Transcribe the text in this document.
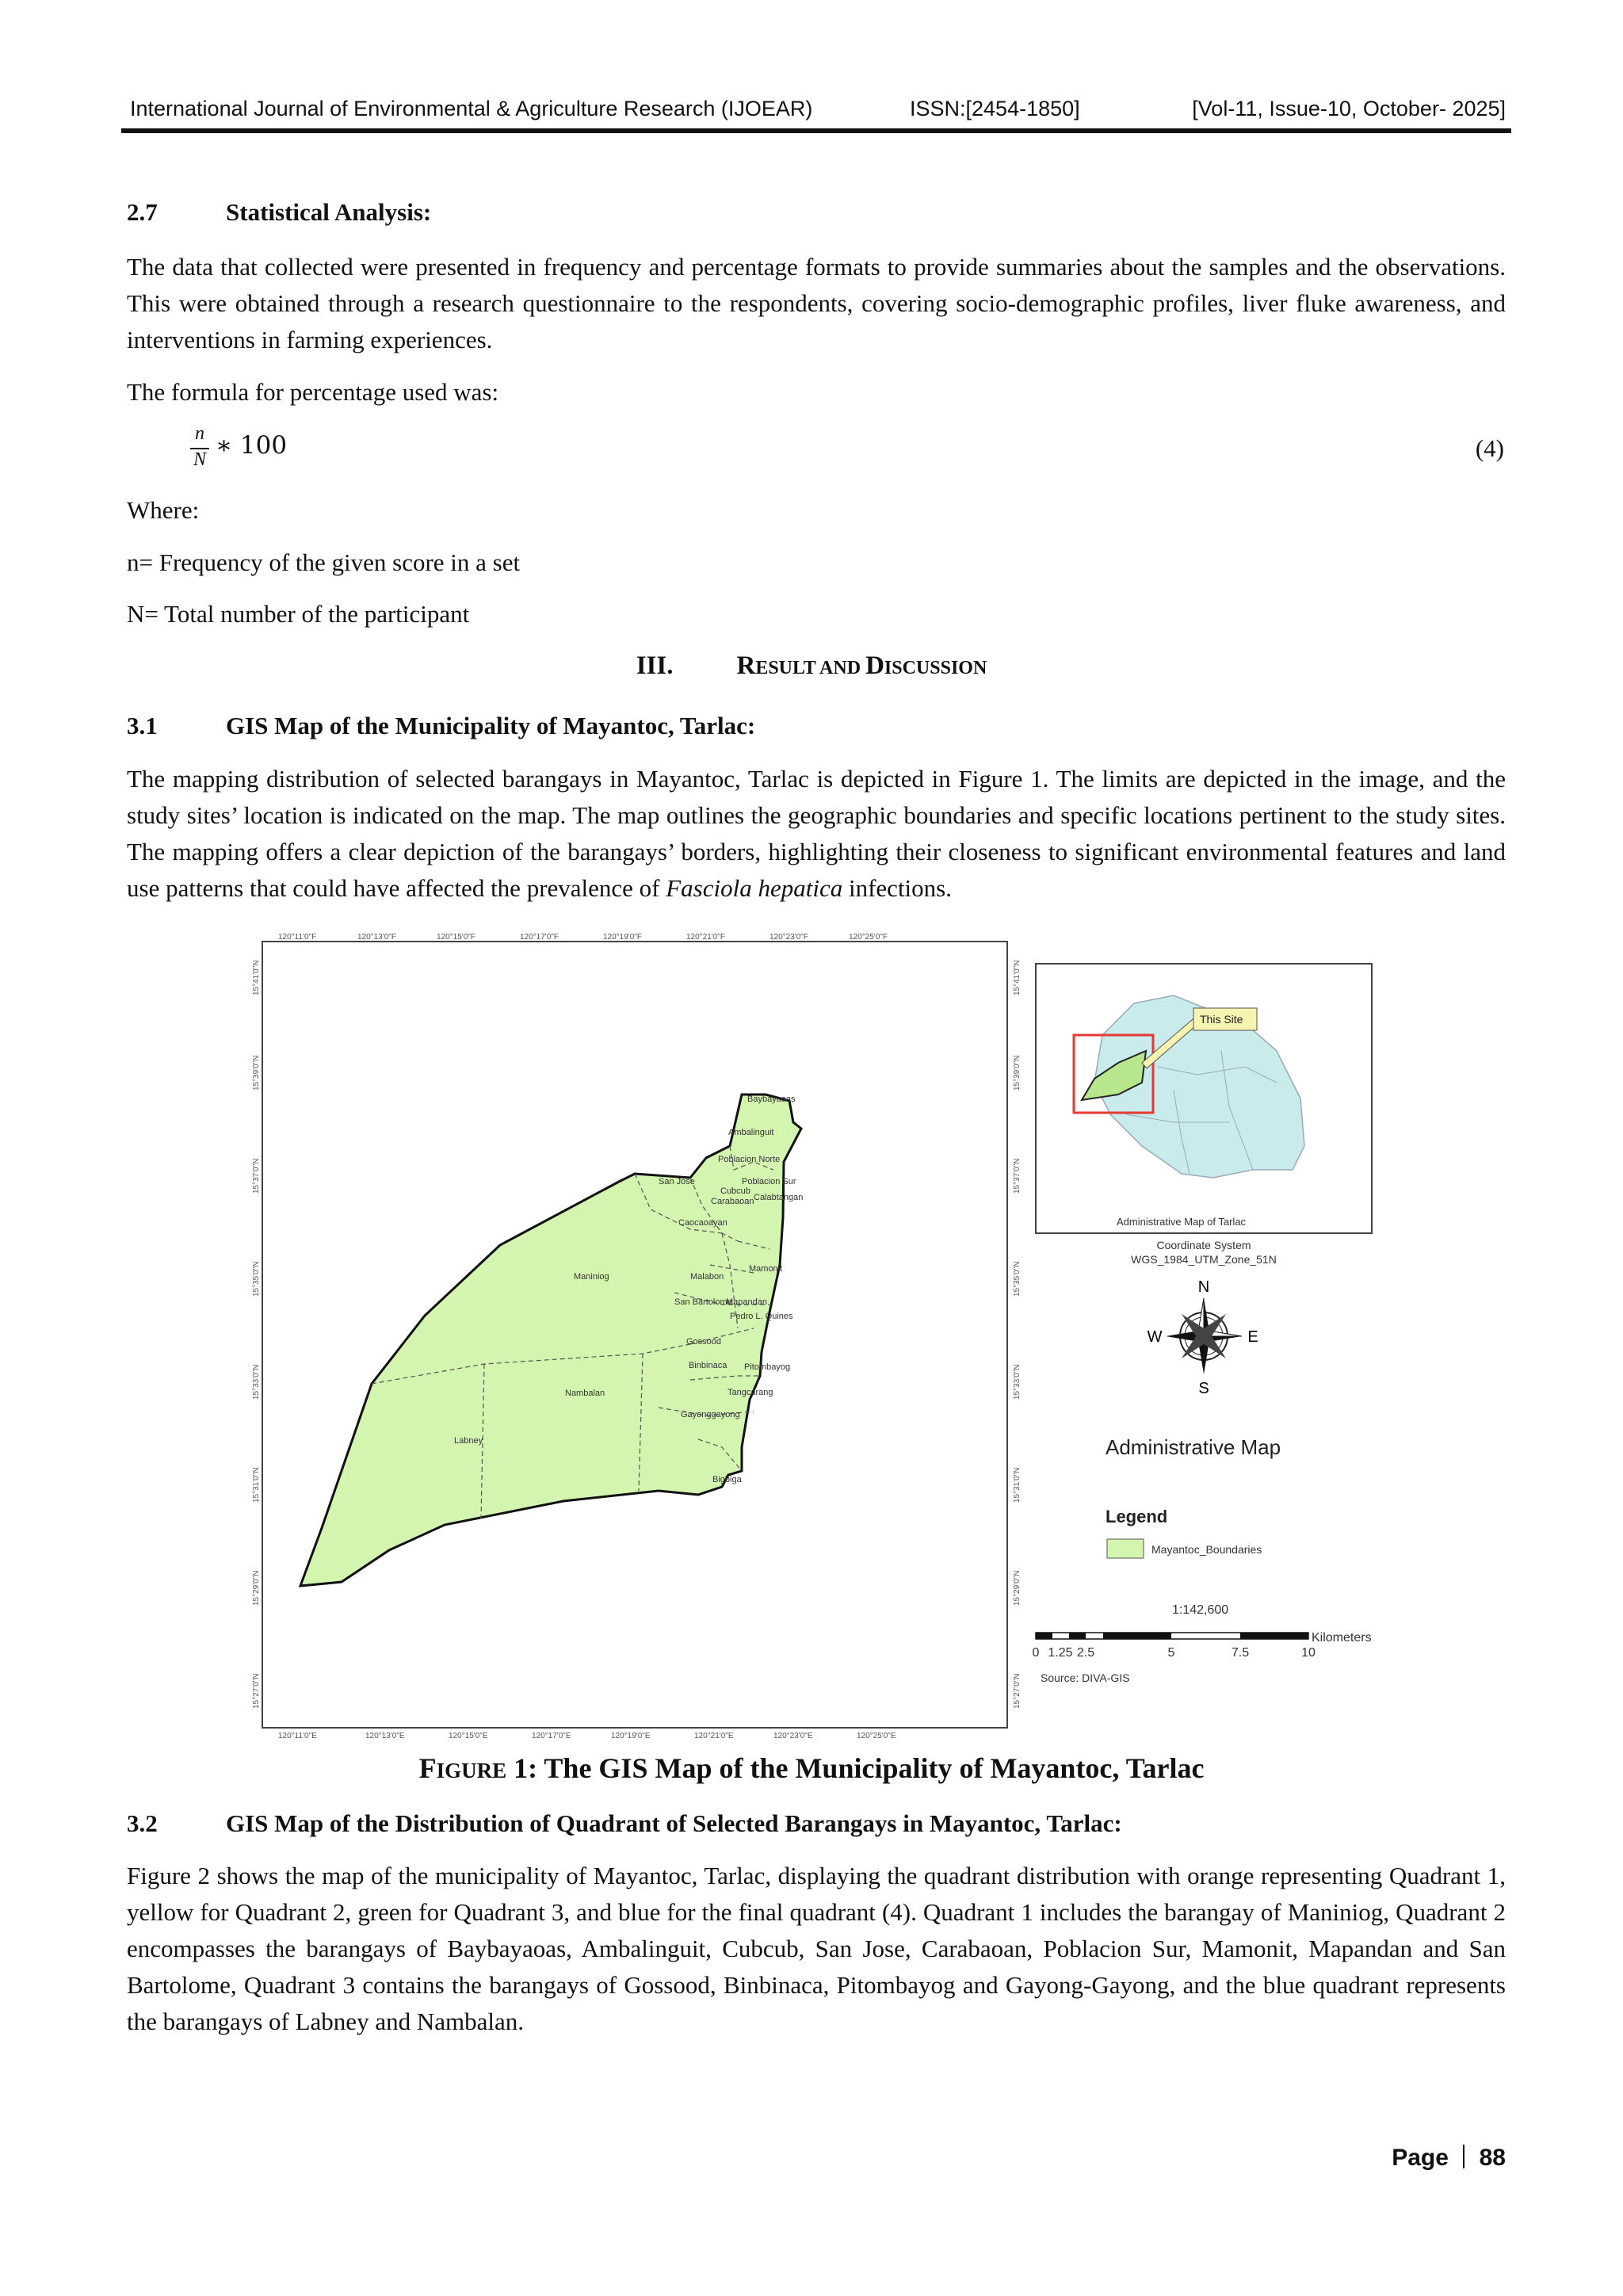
International Journal of Environmental & Agriculture Research (IJOEAR)	ISSN:[2454-1850]	[Vol-11, Issue-10, October- 2025]
2.7	Statistical Analysis:

The data that collected were presented in frequency and percentage formats to provide summaries about the samples and the observations. This were obtained through a research questionnaire to the respondents, covering socio-demographic profiles, liver fluke awareness, and interventions in farming experiences.

The formula for percentage used was:
n
N ∗ 100	(4)
Where:
n= Frequency of the given score in a set
N= Total number of the participant
III. RESULT AND DISCUSSION
3.1	GIS Map of the Municipality of Mayantoc, Tarlac:

The mapping distribution of selected barangays in Mayantoc, Tarlac is depicted in Figure 1. The limits are depicted in the image, and the study sites’ location is indicated on the map. The map outlines the geographic boundaries and specific locations pertinent to the study sites. The mapping offers a clear depiction of the barangays’ borders, highlighting their closeness to significant environmental features and land use patterns that could have affected the prevalence of Fasciola hepatica infections.

120°11'0"F	120°13'0"F	120°15'0"F	120°17'0"F	120°19'0"F	120°21'0"F	120°23'0"F	120°25'0"F
120°11'0"E	120°13'0"E	120°15'0"E	120°17'0"E	120°19'0"E	120°21'0"E	120°23'0"E	120°25'0"E
15°41'0"N
15°39'0"N
15°37'0"N
15°35'0"N
15°33'0"N
15°31'0"N
15°29'0"N
15°27'0"N
15°41'0"N
15°39'0"N
15°37'0"N
15°35'0"N
15°33'0"N
15°31'0"N
15°29'0"N
15°27'0"N
Baybayaoas
Ambalinguit
Poblacion Norte
Cubcub
San Jose
Carabaoan
Poblacion Sur
Calabtangan
Caocaoayan
Maniniog
Mamonit
Malabon
San Bartolome
Mapandan
Pedro L. Quines
Gossood
Pitombayog
Binbinaca
Nambalan	Tangcarang
Gayonggayong
Labney
Bigbiga
This Site
Administrative Map of Tarlac
Coordinate System
WGS_1984_UTM_Zone_51N
N
E
S
W
Administrative Map
Legend
Mayantoc_Boundaries
1:142,600
Kilometers
0 1.25 2.5	5	7.5	10
Source: DIVA-GIS
FIGURE 1: The GIS Map of the Municipality of Mayantoc, Tarlac
3.2	GIS Map of the Distribution of Quadrant of Selected Barangays in Mayantoc, Tarlac:

Figure 2 shows the map of the municipality of Mayantoc, Tarlac, displaying the quadrant distribution with orange representing Quadrant 1, yellow for Quadrant 2, green for Quadrant 3, and blue for the final quadrant (4). Quadrant 1 includes the barangay of Maniniog, Quadrant 2 encompasses the barangays of Baybayaoas, Ambalinguit, Cubcub, San Jose, Carabaoan, Poblacion Sur, Mamonit, Mapandan and San Bartolome, Quadrant 3 contains the barangays of Gossood, Binbinaca, Pitombayog and Gayong-Gayong, and the blue quadrant represents the barangays of Labney and Nambalan.

Page 88
